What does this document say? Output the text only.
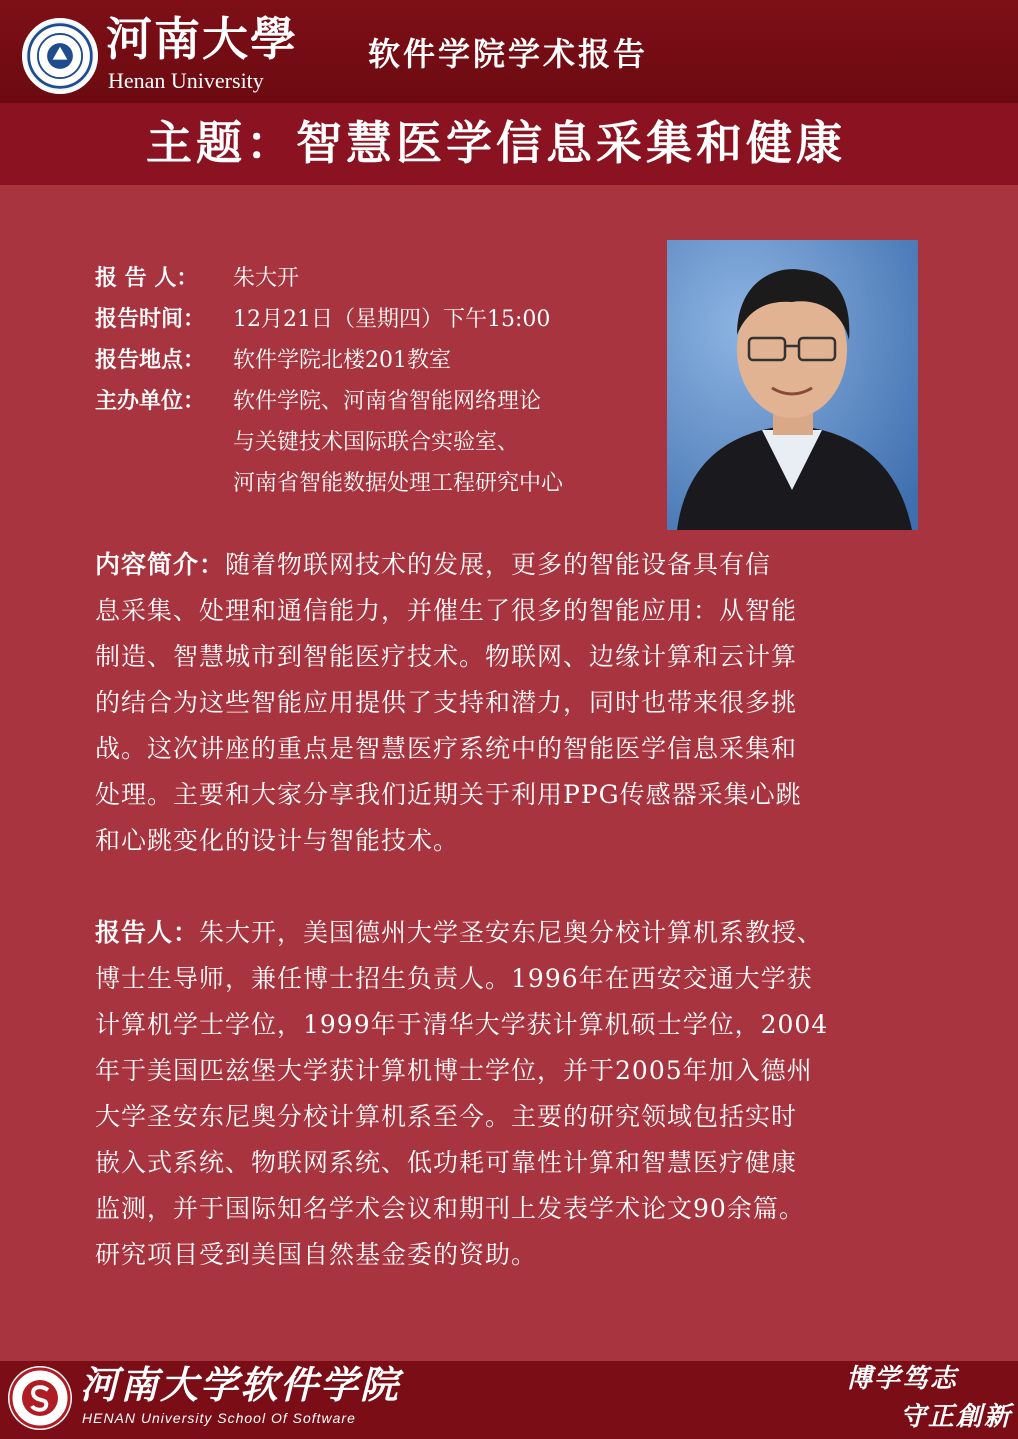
河南大學
Henan University
软件学院学术报告
主题：智慧医学信息采集和健康
报 告 人：	朱大开
报告时间：	12月21日（星期四）下午15:00
报告地点：	软件学院北楼201教室
主办单位：	软件学院、河南省智能网络理论
与关键技术国际联合实验室、
河南省智能数据处理工程研究中心
内容简介：随着物联网技术的发展，更多的智能设备具有信
息采集、处理和通信能力，并催生了很多的智能应用：从智能
制造、智慧城市到智能医疗技术。物联网、边缘计算和云计算
的结合为这些智能应用提供了支持和潜力，同时也带来很多挑
战。这次讲座的重点是智慧医疗系统中的智能医学信息采集和
处理。主要和大家分享我们近期关于利用PPG传感器采集心跳
和心跳变化的设计与智能技术。
报告人：朱大开，美国德州大学圣安东尼奥分校计算机系教授、
博士生导师，兼任博士招生负责人。1996年在西安交通大学获
计算机学士学位，1999年于清华大学获计算机硕士学位，2004
年于美国匹兹堡大学获计算机博士学位，并于2005年加入德州
大学圣安东尼奥分校计算机系至今。主要的研究领域包括实时
嵌入式系统、物联网系统、低功耗可靠性计算和智慧医疗健康
监测，并于国际知名学术会议和期刊上发表学术论文90余篇。
研究项目受到美国自然基金委的资助。
河南大学软件学院
HENAN University School Of Software
博学笃志
守正創新
